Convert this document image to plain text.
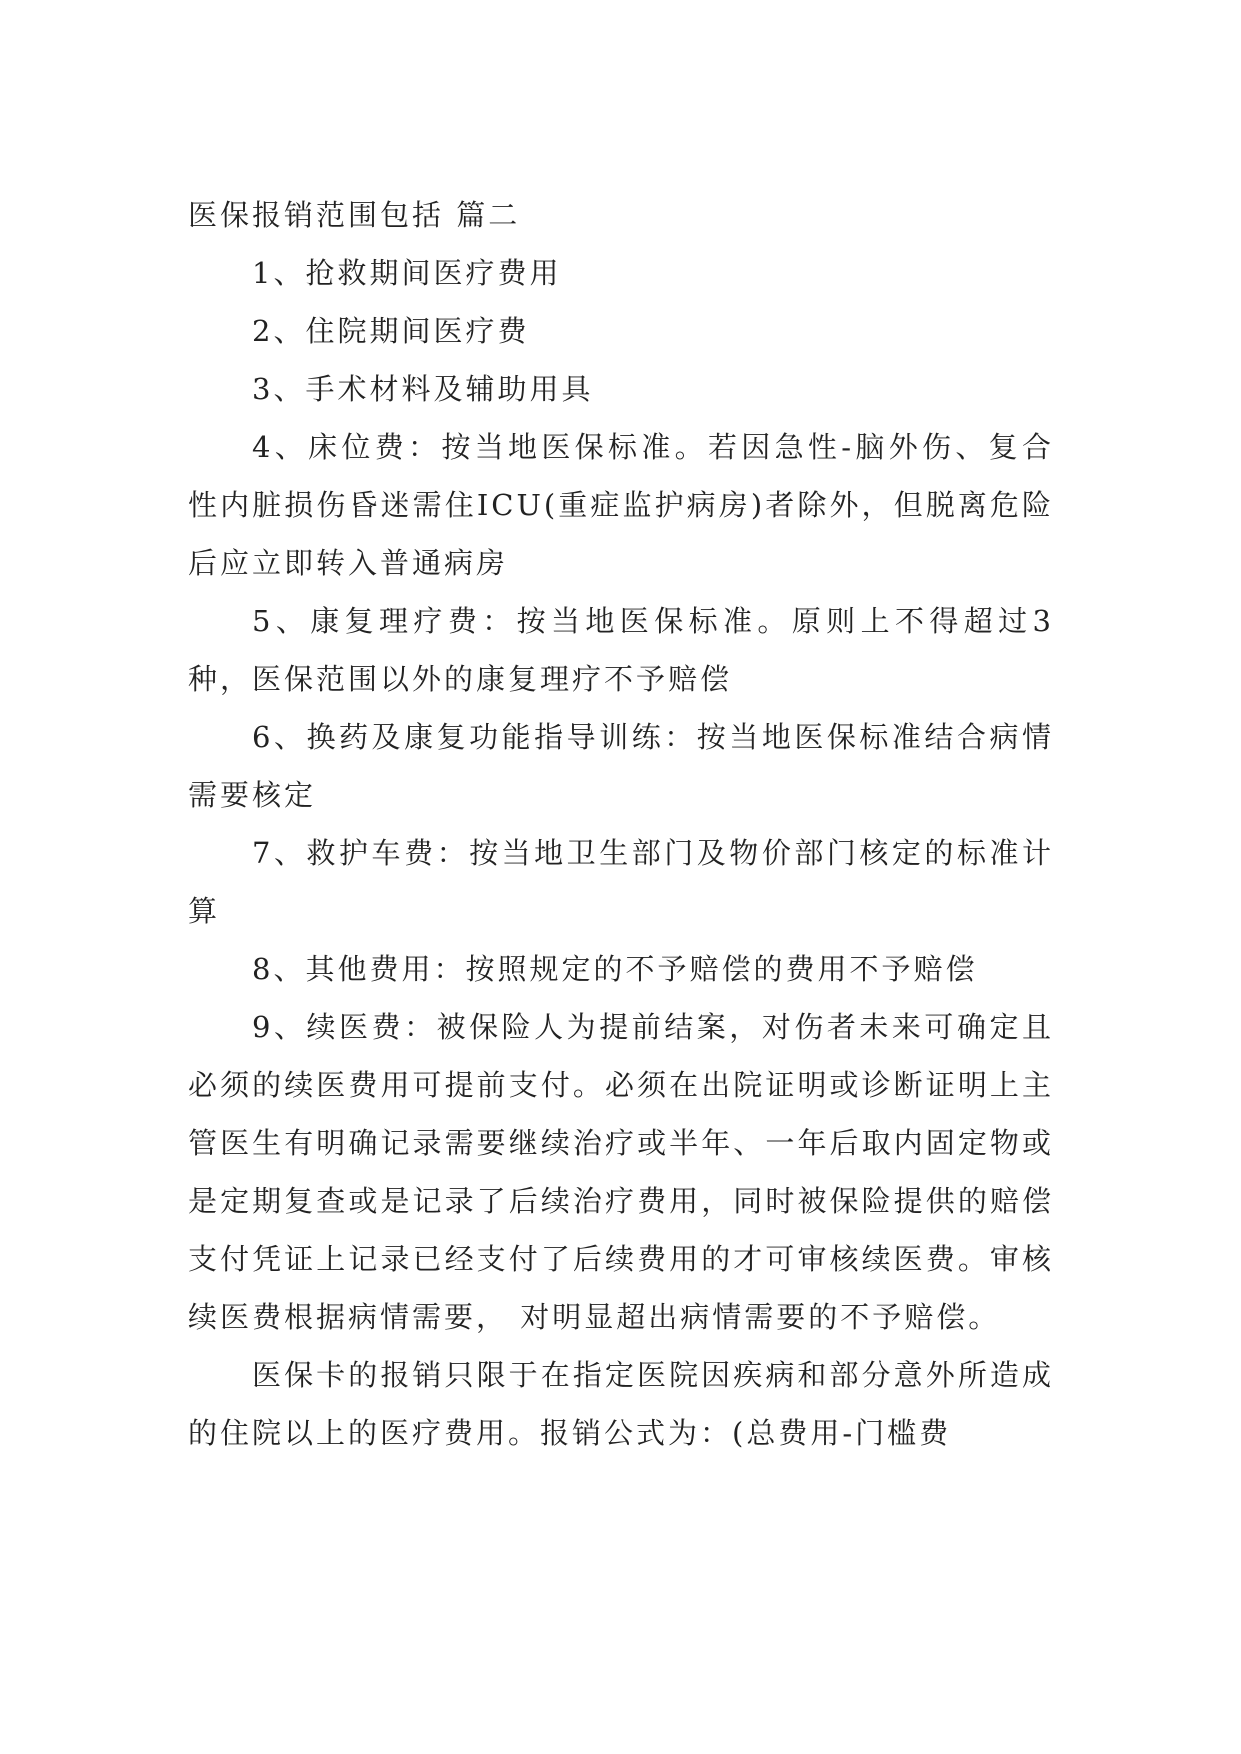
医保报销范围包括 篇二

1、抢救期间医疗费用

2、住院期间医疗费

3、手术材料及辅助用具

4、床位费：按当地医保标准。若因急性-脑外伤、复合性内脏损伤昏迷需住ICU(重症监护病房)者除外，但脱离危险后应立即转入普通病房

5、康复理疗费：按当地医保标准。原则上不得超过3种，医保范围以外的康复理疗不予赔偿

6、换药及康复功能指导训练：按当地医保标准结合病情需要核定

7、救护车费：按当地卫生部门及物价部门核定的标准计算

8、其他费用：按照规定的不予赔偿的费用不予赔偿

9、续医费：被保险人为提前结案，对伤者未来可确定且必须的续医费用可提前支付。必须在出院证明或诊断证明上主管医生有明确记录需要继续治疗或半年、一年后取内固定物或是定期复查或是记录了后续治疗费用，同时被保险提供的赔偿支付凭证上记录已经支付了后续费用的才可审核续医费。审核续医费根据病情需要， 对明显超出病情需要的不予赔偿。

医保卡的报销只限于在指定医院因疾病和部分意外所造成的住院以上的医疗费用。报销公式为：(总费用-门槛费
